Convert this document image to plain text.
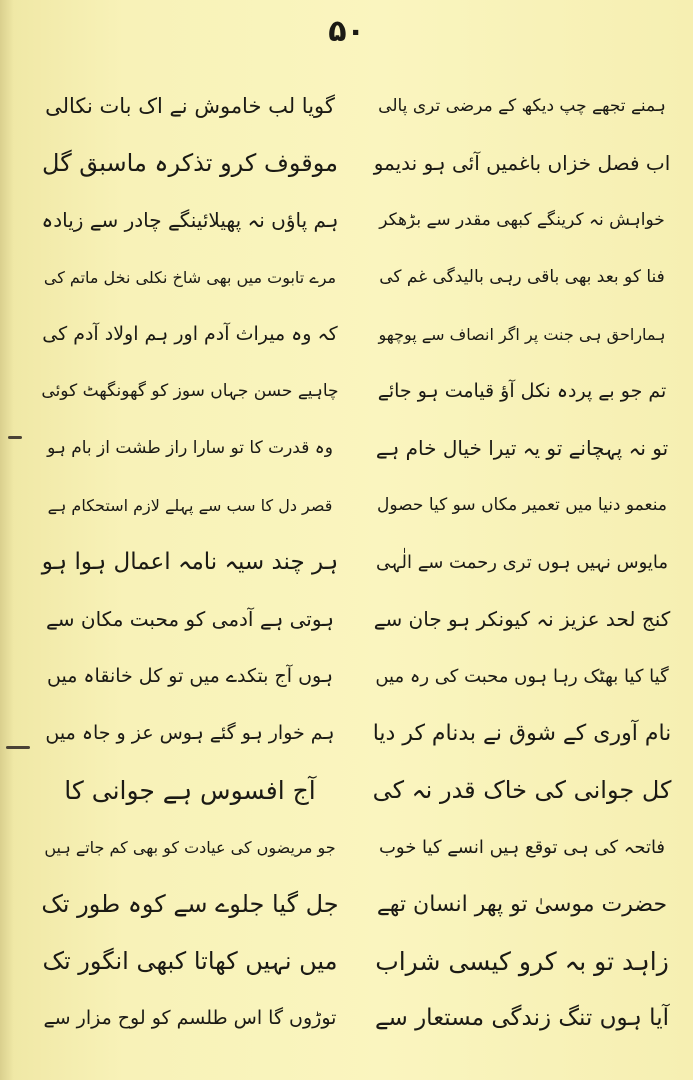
۵۰
ہمنے تجھے چپ دیکھ کے مرضی تری پالی
اب فصل خزاں باغمیں آئی ہو ندیمو
خواہش نہ کرینگے کبھی مقدر سے بڑھکر
فنا کو بعد بھی باقی رہی بالیدگی غم کی
ہماراحق ہی جنت پر اگر انصاف سے پوچھو
تم جو بے پردہ نکل آؤ قیامت ہو جائے
تو نہ پہچانے تو یہ تیرا خیال خام ہے
منعمو دنیا میں تعمیر مکاں سو کیا حصول
مایوس نہیں ہوں تری رحمت سے الٰہی
کنج لحد عزیز نہ کیونکر ہو جان سے
گیا کیا بھٹک رہا ہوں محبت کی رہ میں
نام آوری کے شوق نے بدنام کر دیا
کل جوانی کی خاک قدر نہ کی
فاتحہ کی ہی توقع ہیں انسے کیا خوب
حضرت موسیٰ تو پھر انسان تھے
زاہد تو بہ کرو کیسی شراب
آیا ہوں تنگ زندگی مستعار سے
گویا لب خاموش نے اک بات نکالی
موقوف کرو تذکرہ ماسبق گل
ہم پاؤں نہ پھیلائینگے چادر سے زیادہ
مرے تابوت میں بھی شاخ نکلی نخل ماتم کی
کہ وہ میراث آدم اور ہم اولاد آدم کی
چاہیے حسن جہاں سوز کو گھونگھٹ کوئی
وہ قدرت کا تو سارا راز طشت از بام ہو
قصر دل کا سب سے پہلے لازم استحکام ہے
ہر چند سیہ نامہ اعمال ہوا ہو
ہوتی ہے آدمی کو محبت مکان سے
ہوں آج بتکدے میں تو کل خانقاہ میں
ہم خوار ہو گئے ہوس عز و جاہ میں
آج افسوس ہے جوانی کا
جو مریضوں کی عیادت کو بھی کم جاتے ہیں
جل گیا جلوے سے کوہ طور تک
میں نہیں کھاتا کبھی انگور تک
توڑوں گا اس طلسم کو لوح مزار سے
